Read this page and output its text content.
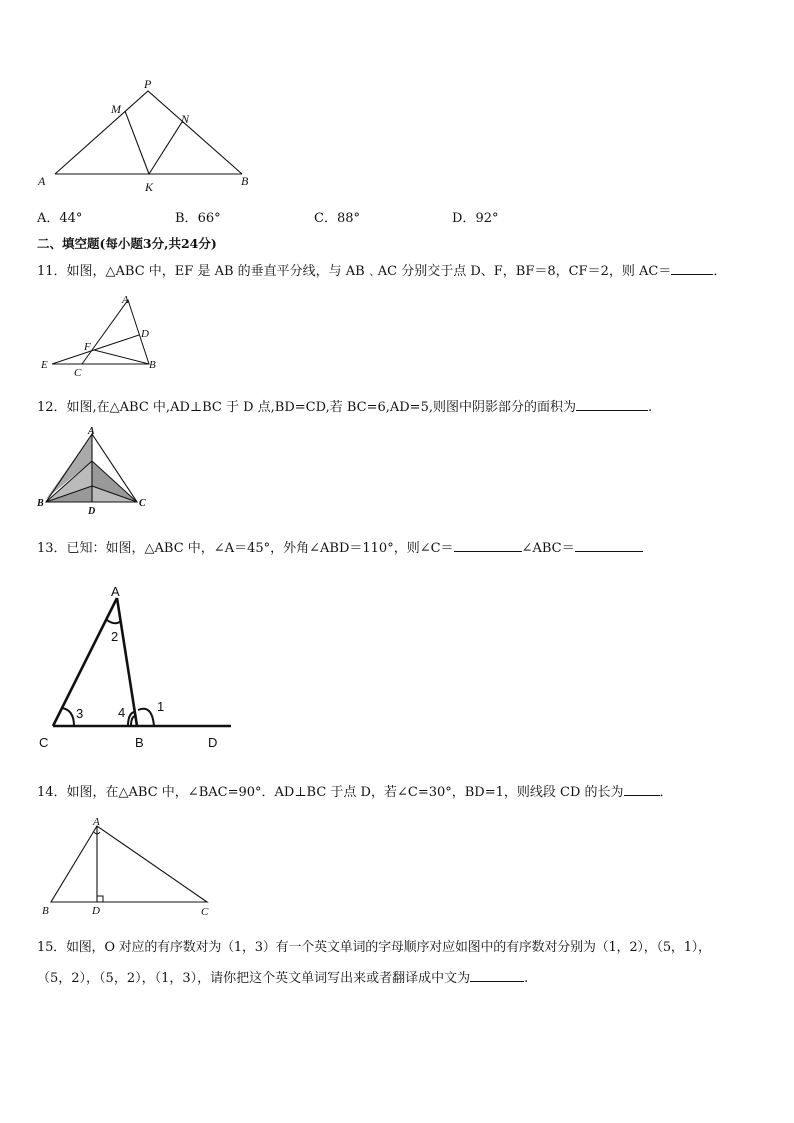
P
M
N
A	K	B
A．44°	B．66°	C．88°	D．92°
二、填空题(每小题3分,共24分)
11．如图，△ABC 中，EF 是 AB 的垂直平分线，与 AB﹑AC 分别交于点 D、F，BF＝8，CF＝2，则 AC＝	．
A
D
F
E
C
B
12．如图,在△ABC 中,AD⊥BC 于 D 点,BD=CD,若 BC=6,AD=5,则图中阴影部分的面积为	.
A
B
D
C
13．已知：如图，△ABC 中，∠A＝45°，外角∠ABD＝110°，则∠C＝	∠ABC＝
A
2
1
3	4
C	B	D
14．如图，在△ABC 中，∠BAC=90°．AD⊥BC 于点 D，若∠C=30°，BD=1，则线段 CD 的长为	．
A
B	D	C
15．如图，O 对应的有序数对为（1，3）有一个英文单词的字母顺序对应如图中的有序数对分别为（1，2），（5，1），
（5，2），（5，2），（1，3），请你把这个英文单词写出来或者翻译成中文为	.
